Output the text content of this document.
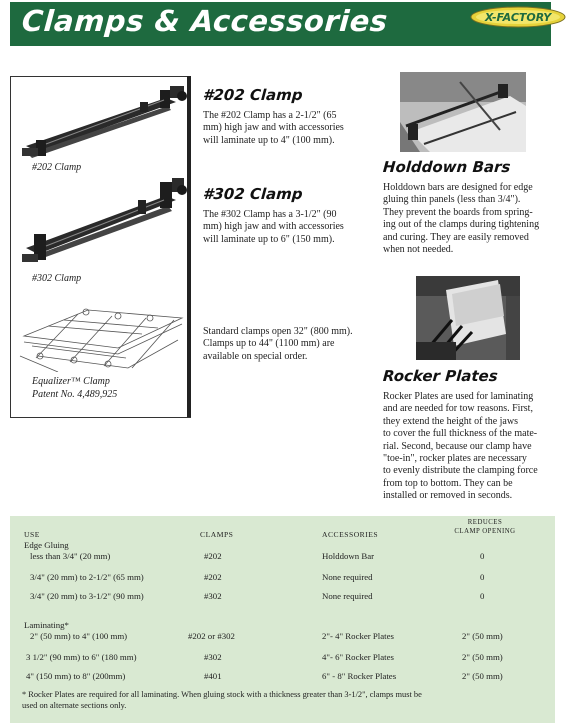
Clamps & Accessories	X-FACTORY
#202 Clamp
#302 Clamp
Equalizer™ Clamp
Patent No. 4,489,925
#202 Clamp
The #202 Clamp has a 2-1/2" (65
mm) high jaw and with accessories
will laminate up to 4" (100 mm).
#302 Clamp
The #302 Clamp has a 3-1/2" (90
mm) high jaw and with accessories
will laminate up to 6" (150 mm).
Standard clamps open 32" (800 mm).
Clamps up to 44" (1100 mm) are
available on special order.
Holddown Bars
Holddown bars are designed for edge
gluing thin panels (less than 3/4").
They prevent the boards from spring-
ing out of the clamps during tightening
and curing. They are easily removed
when not needed.
Rocker Plates
Rocker Plates are used for laminating
and are needed for tow reasons. First,
they extend the height of the jaws
to cover the full thickness of the mate-
rial. Second, because our clamp have
"toe-in", rocker plates are necessary
to evenly distribute the clamping force
from top to bottom. They can be
installed or removed in seconds.
USE	CLAMPS	ACCESSORIES
REDUCES
CLAMP OPENING
Edge Gluing
less than 3/4" (20 mm)	#202	Holddown Bar	0
3/4" (20 mm) to 2-1/2" (65 mm)	#202	None required	0
3/4" (20 mm) to 3-1/2" (90 mm)	#302	None required	0
Laminating*
2" (50 mm) to 4" (100 mm)	#202 or #302	2"- 4" Rocker Plates	2" (50 mm)
3 1/2" (90 mm) to 6" (180 mm)	#302	4"- 6" Rocker Plates	2" (50 mm)
4" (150 mm) to 8" (200mm)	#401	6" - 8" Rocker Plates	2" (50 mm)
* Rocker Plates are required for all laminating. When gluing stock with a thickness greater than 3-1/2", clamps must be
used on alternate sections only.
